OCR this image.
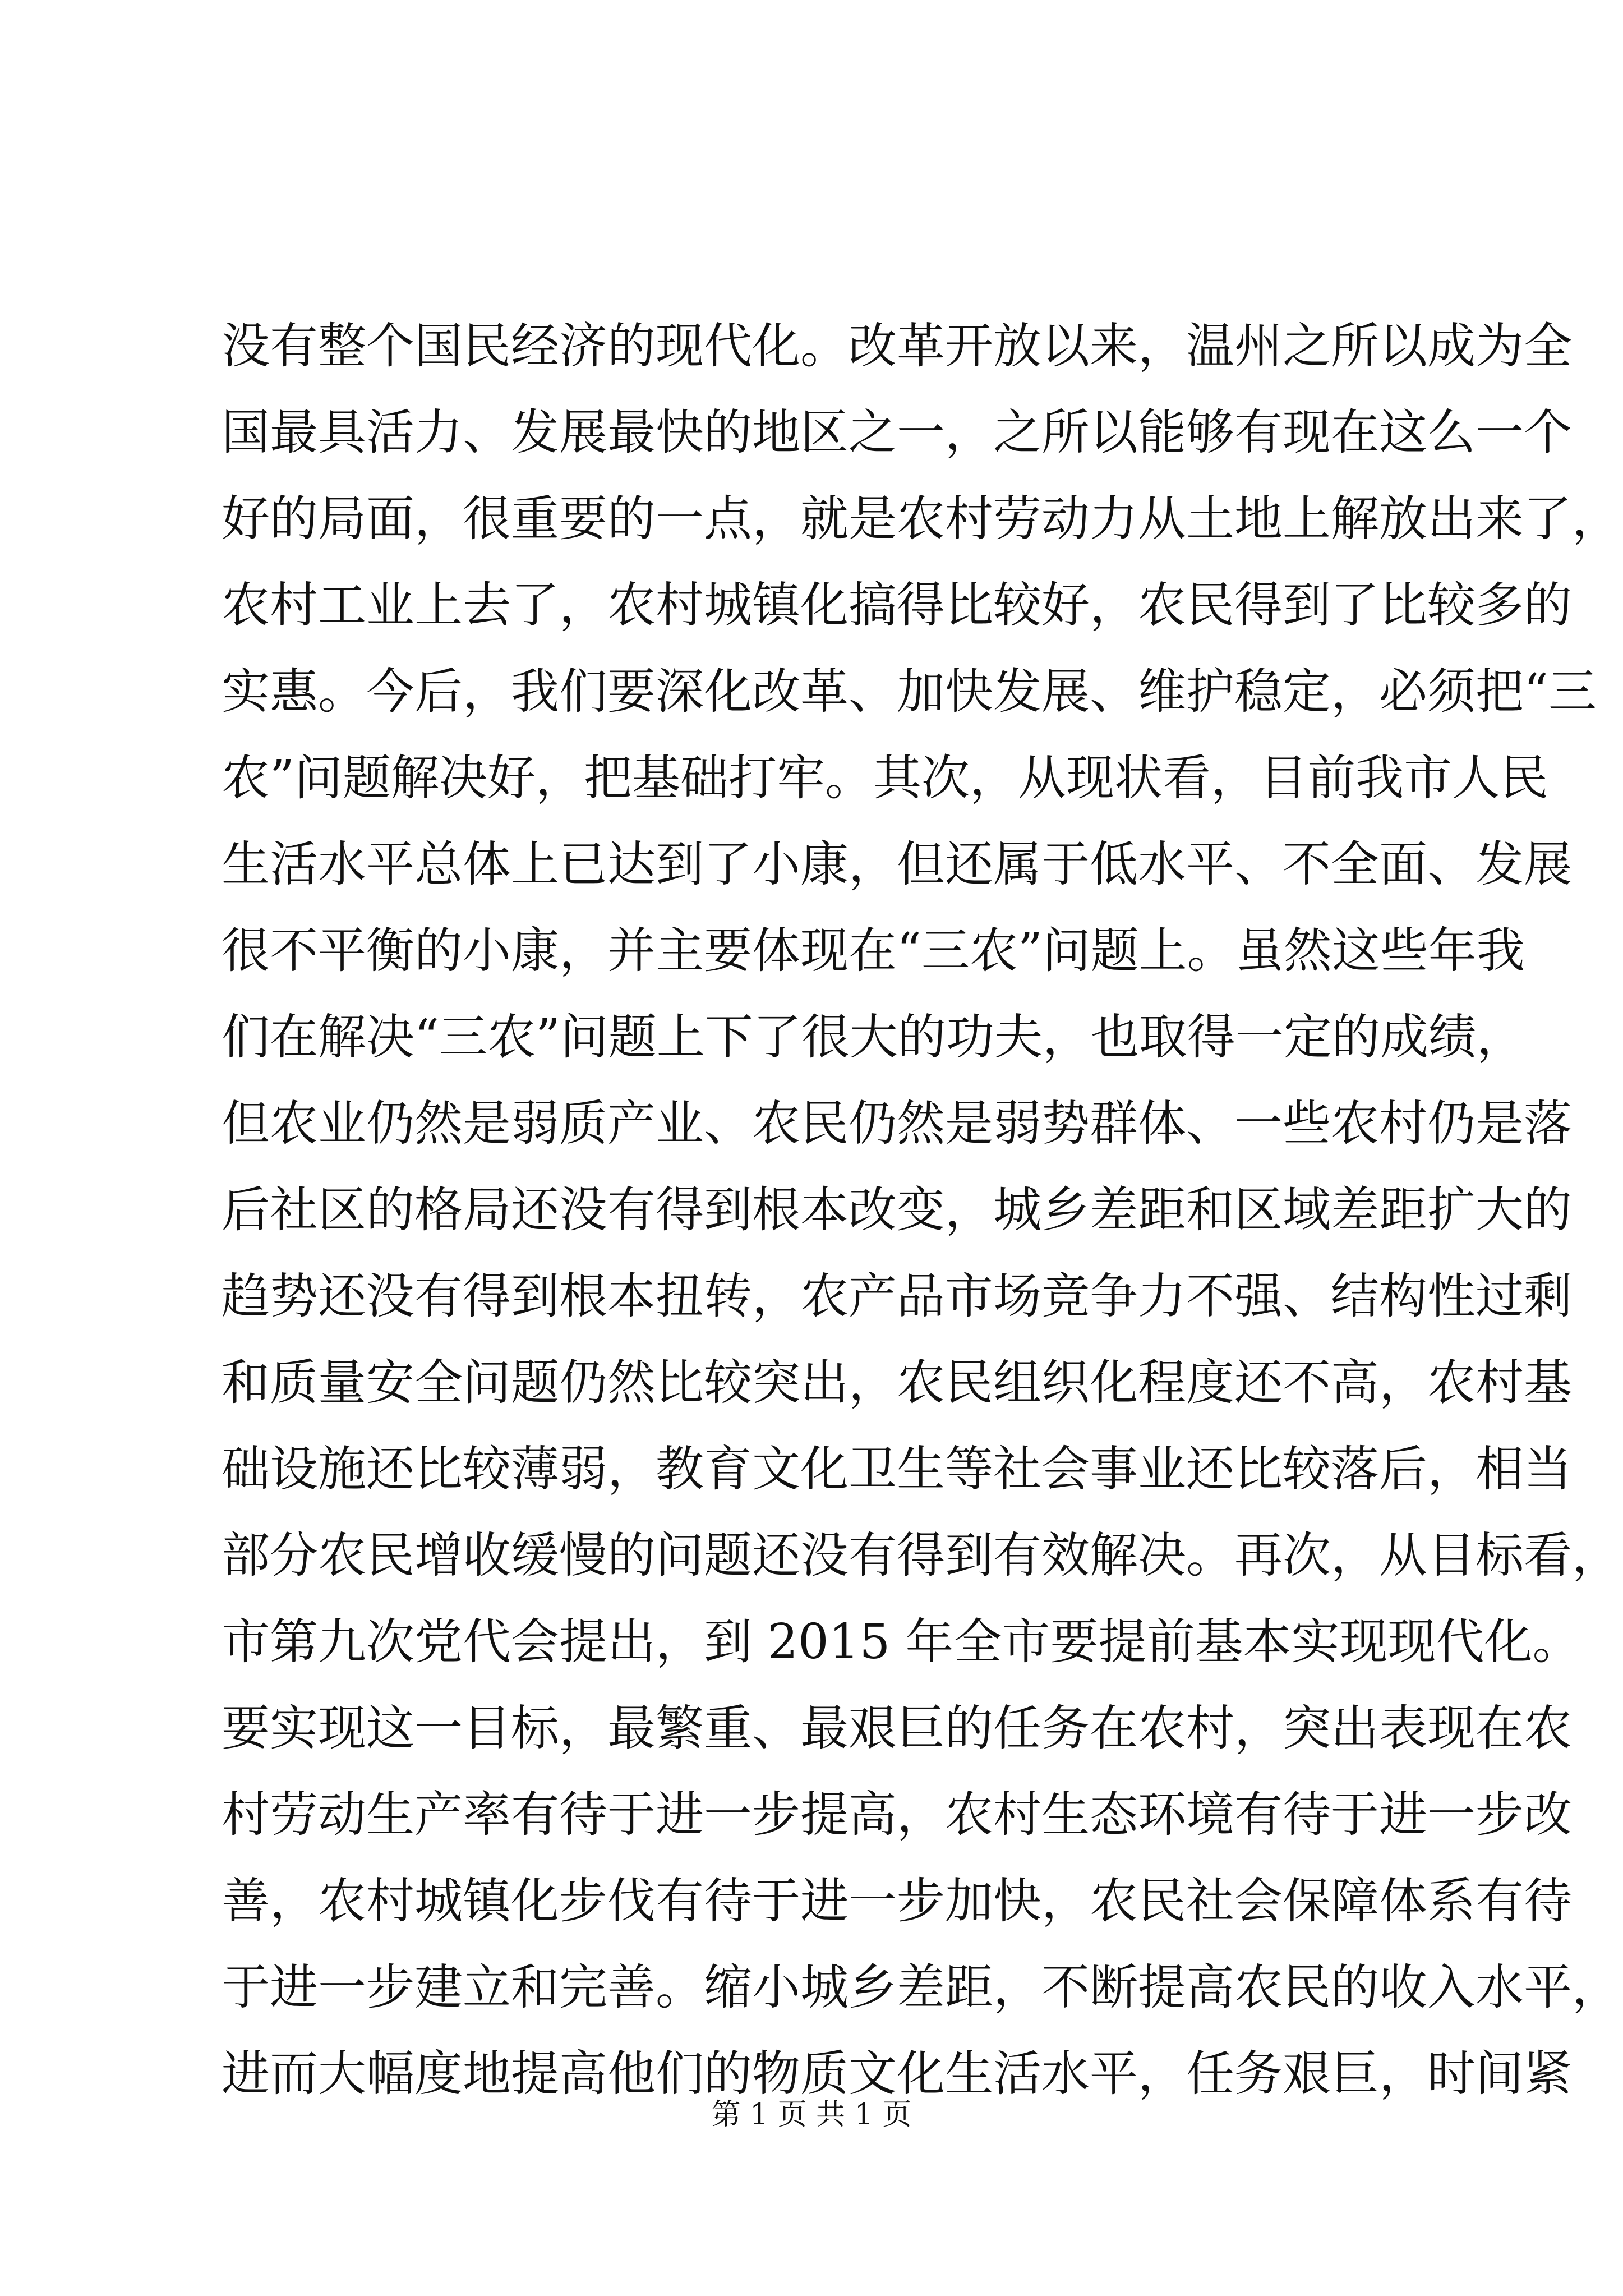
没有整个国民经济的现代化。改革开放以来，温州之所以成为全
国最具活力、发展最快的地区之一，之所以能够有现在这么一个
好的局面，很重要的一点，就是农村劳动力从土地上解放出来了，
农村工业上去了，农村城镇化搞得比较好，农民得到了比较多的
实惠。今后，我们要深化改革、加快发展、维护稳定，必须把“三
农”问题解决好，把基础打牢。其次，从现状看，目前我市人民
生活水平总体上已达到了小康，但还属于低水平、不全面、发展
很不平衡的小康，并主要体现在“三农”问题上。虽然这些年我
们在解决“三农”问题上下了很大的功夫，也取得一定的成绩，
但农业仍然是弱质产业、农民仍然是弱势群体、一些农村仍是落
后社区的格局还没有得到根本改变，城乡差距和区域差距扩大的
趋势还没有得到根本扭转，农产品市场竞争力不强、结构性过剩
和质量安全问题仍然比较突出，农民组织化程度还不高，农村基
础设施还比较薄弱，教育文化卫生等社会事业还比较落后，相当
部分农民增收缓慢的问题还没有得到有效解决。再次，从目标看，
市第九次党代会提出，到 2015 年全市要提前基本实现现代化。
要实现这一目标，最繁重、最艰巨的任务在农村，突出表现在农
村劳动生产率有待于进一步提高，农村生态环境有待于进一步改
善，农村城镇化步伐有待于进一步加快，农民社会保障体系有待
于进一步建立和完善。缩小城乡差距，不断提高农民的收入水平，
进而大幅度地提高他们的物质文化生活水平，任务艰巨，时间紧
第 1 页 共 1 页
